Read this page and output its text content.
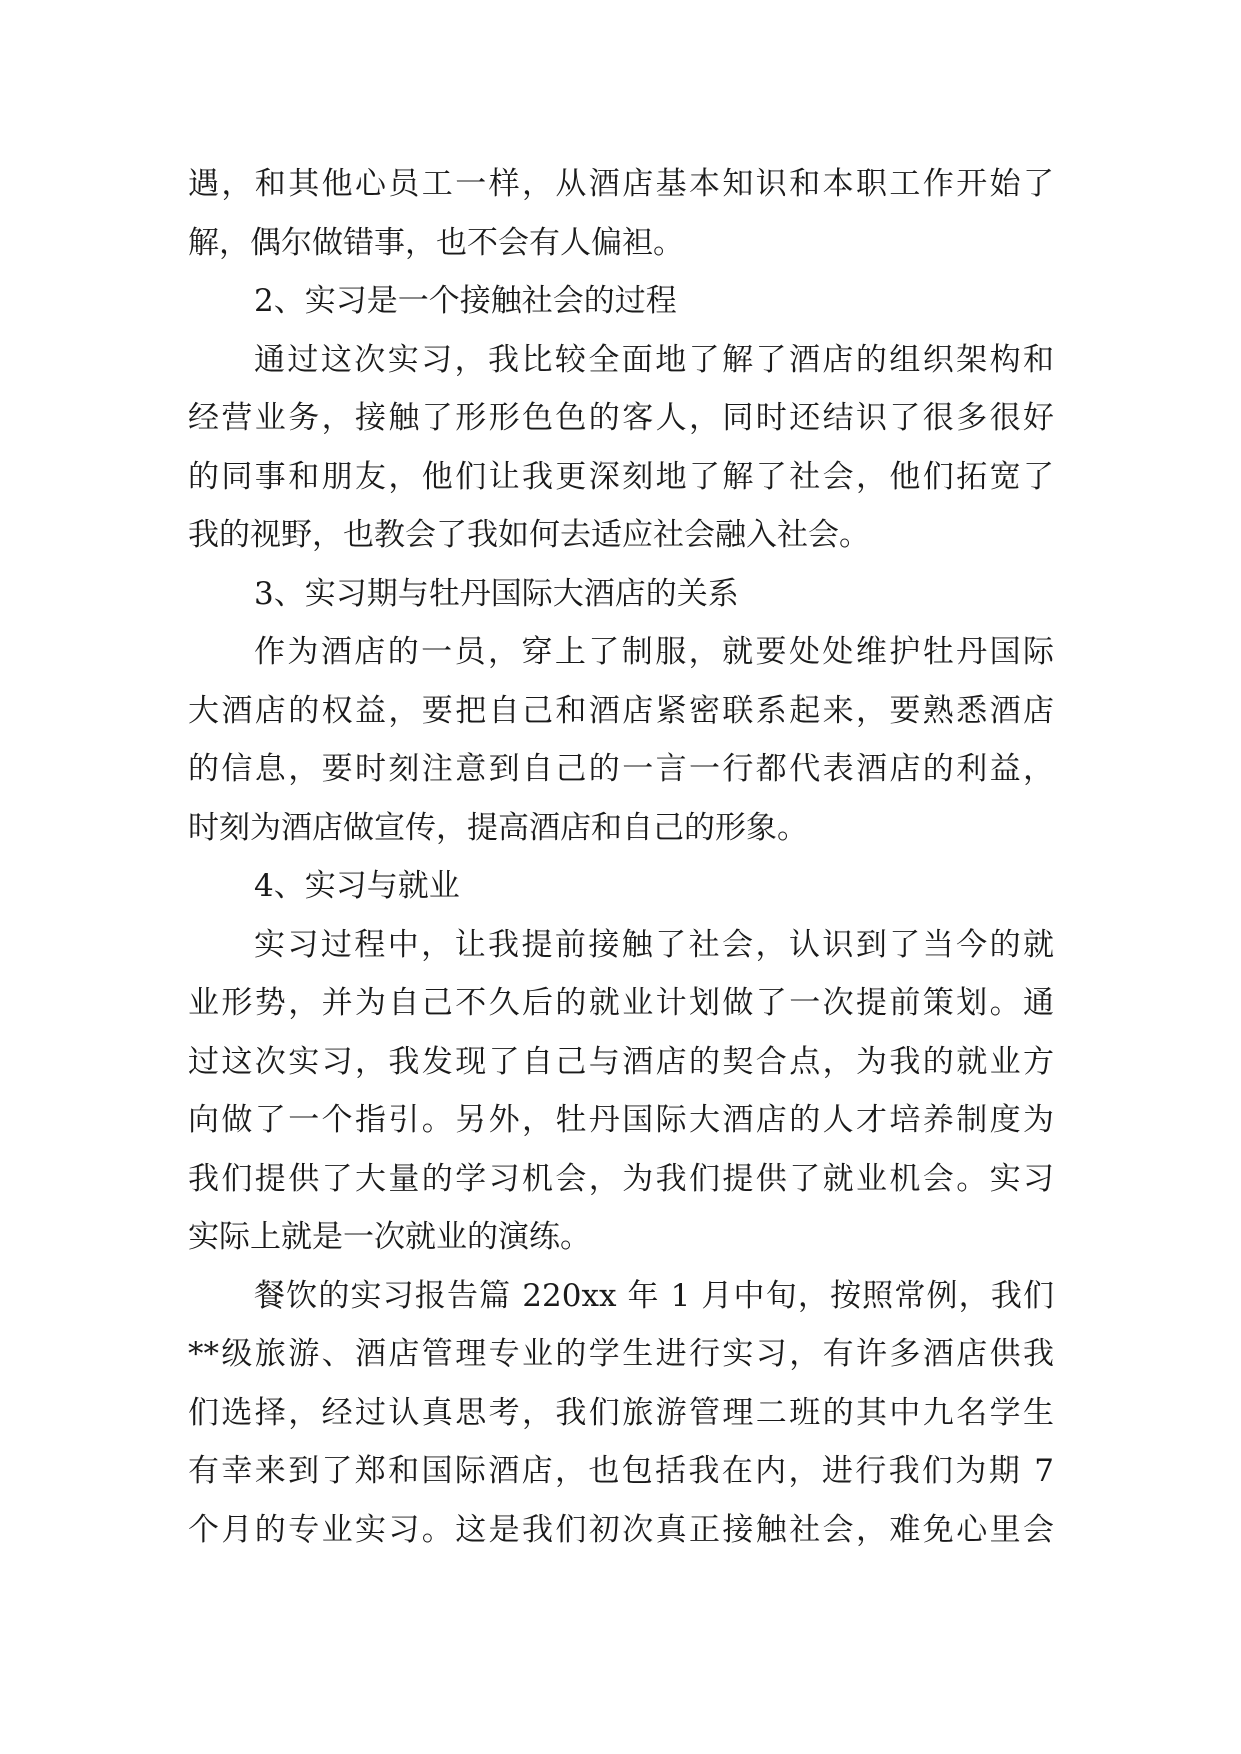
遇，和其他心员工一样，从酒店基本知识和本职工作开始了
解，偶尔做错事，也不会有人偏袒。
2、实习是一个接触社会的过程
通过这次实习，我比较全面地了解了酒店的组织架构和
经营业务，接触了形形色色的客人，同时还结识了很多很好
的同事和朋友，他们让我更深刻地了解了社会，他们拓宽了
我的视野，也教会了我如何去适应社会融入社会。
3、实习期与牡丹国际大酒店的关系
作为酒店的一员，穿上了制服，就要处处维护牡丹国际
大酒店的权益，要把自己和酒店紧密联系起来，要熟悉酒店
的信息，要时刻注意到自己的一言一行都代表酒店的利益，
时刻为酒店做宣传，提高酒店和自己的形象。
4、实习与就业
实习过程中，让我提前接触了社会，认识到了当今的就
业形势，并为自己不久后的就业计划做了一次提前策划。通
过这次实习，我发现了自己与酒店的契合点，为我的就业方
向做了一个指引。另外，牡丹国际大酒店的人才培养制度为
我们提供了大量的学习机会，为我们提供了就业机会。实习
实际上就是一次就业的演练。
餐饮的实习报告篇 220xx 年 1 月中旬，按照常例，我们
**级旅游、酒店管理专业的学生进行实习，有许多酒店供我
们选择，经过认真思考，我们旅游管理二班的其中九名学生
有幸来到了郑和国际酒店，也包括我在内，进行我们为期 7
个月的专业实习。这是我们初次真正接触社会，难免心里会
